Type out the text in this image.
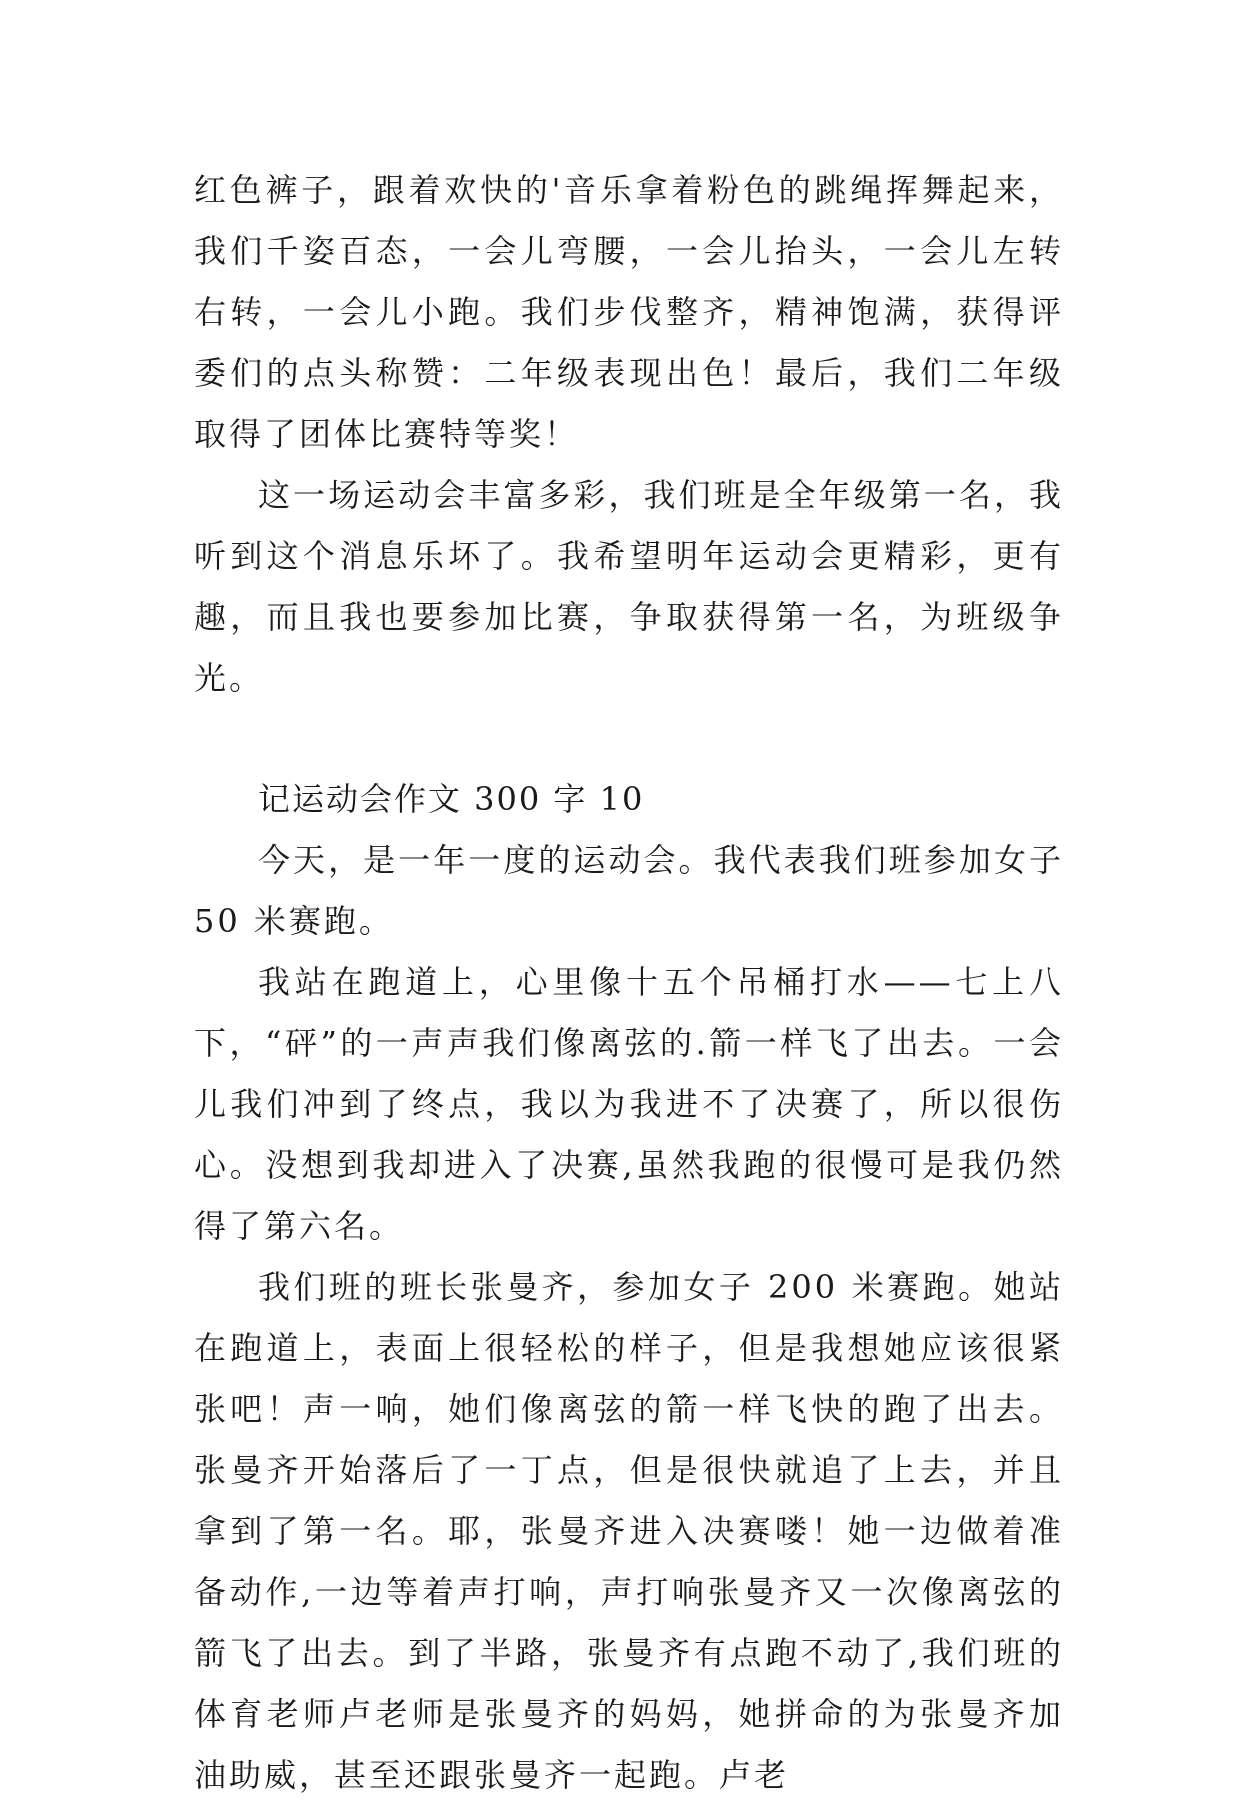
红色裤子，跟着欢快的'音乐拿着粉色的跳绳挥舞起来，我们千姿百态，一会儿弯腰，一会儿抬头，一会儿左转右转，一会儿小跑。我们步伐整齐，精神饱满，获得评委们的点头称赞：二年级表现出色！最后，我们二年级取得了团体比赛特等奖！

这一场运动会丰富多彩，我们班是全年级第一名，我听到这个消息乐坏了。我希望明年运动会更精彩，更有趣，而且我也要参加比赛，争取获得第一名，为班级争光。

记运动会作文 300 字 10

今天，是一年一度的运动会。我代表我们班参加女子 50 米赛跑。

我站在跑道上，心里像十五个吊桶打水——七上八下，“砰”的一声声我们像离弦的.箭一样飞了出去。一会儿我们冲到了终点，我以为我进不了决赛了，所以很伤心。没想到我却进入了决赛,虽然我跑的很慢可是我仍然得了第六名。

我们班的班长张曼齐，参加女子 200 米赛跑。她站在跑道上，表面上很轻松的样子，但是我想她应该很紧张吧！声一响，她们像离弦的箭一样飞快的跑了出去。张曼齐开始落后了一丁点，但是很快就追了上去，并且拿到了第一名。耶，张曼齐进入决赛喽！她一边做着准备动作,一边等着声打响，声打响张曼齐又一次像离弦的箭飞了出去。到了半路，张曼齐有点跑不动了,我们班的体育老师卢老师是张曼齐的妈妈，她拼命的为张曼齐加油助威，甚至还跟张曼齐一起跑。卢老
